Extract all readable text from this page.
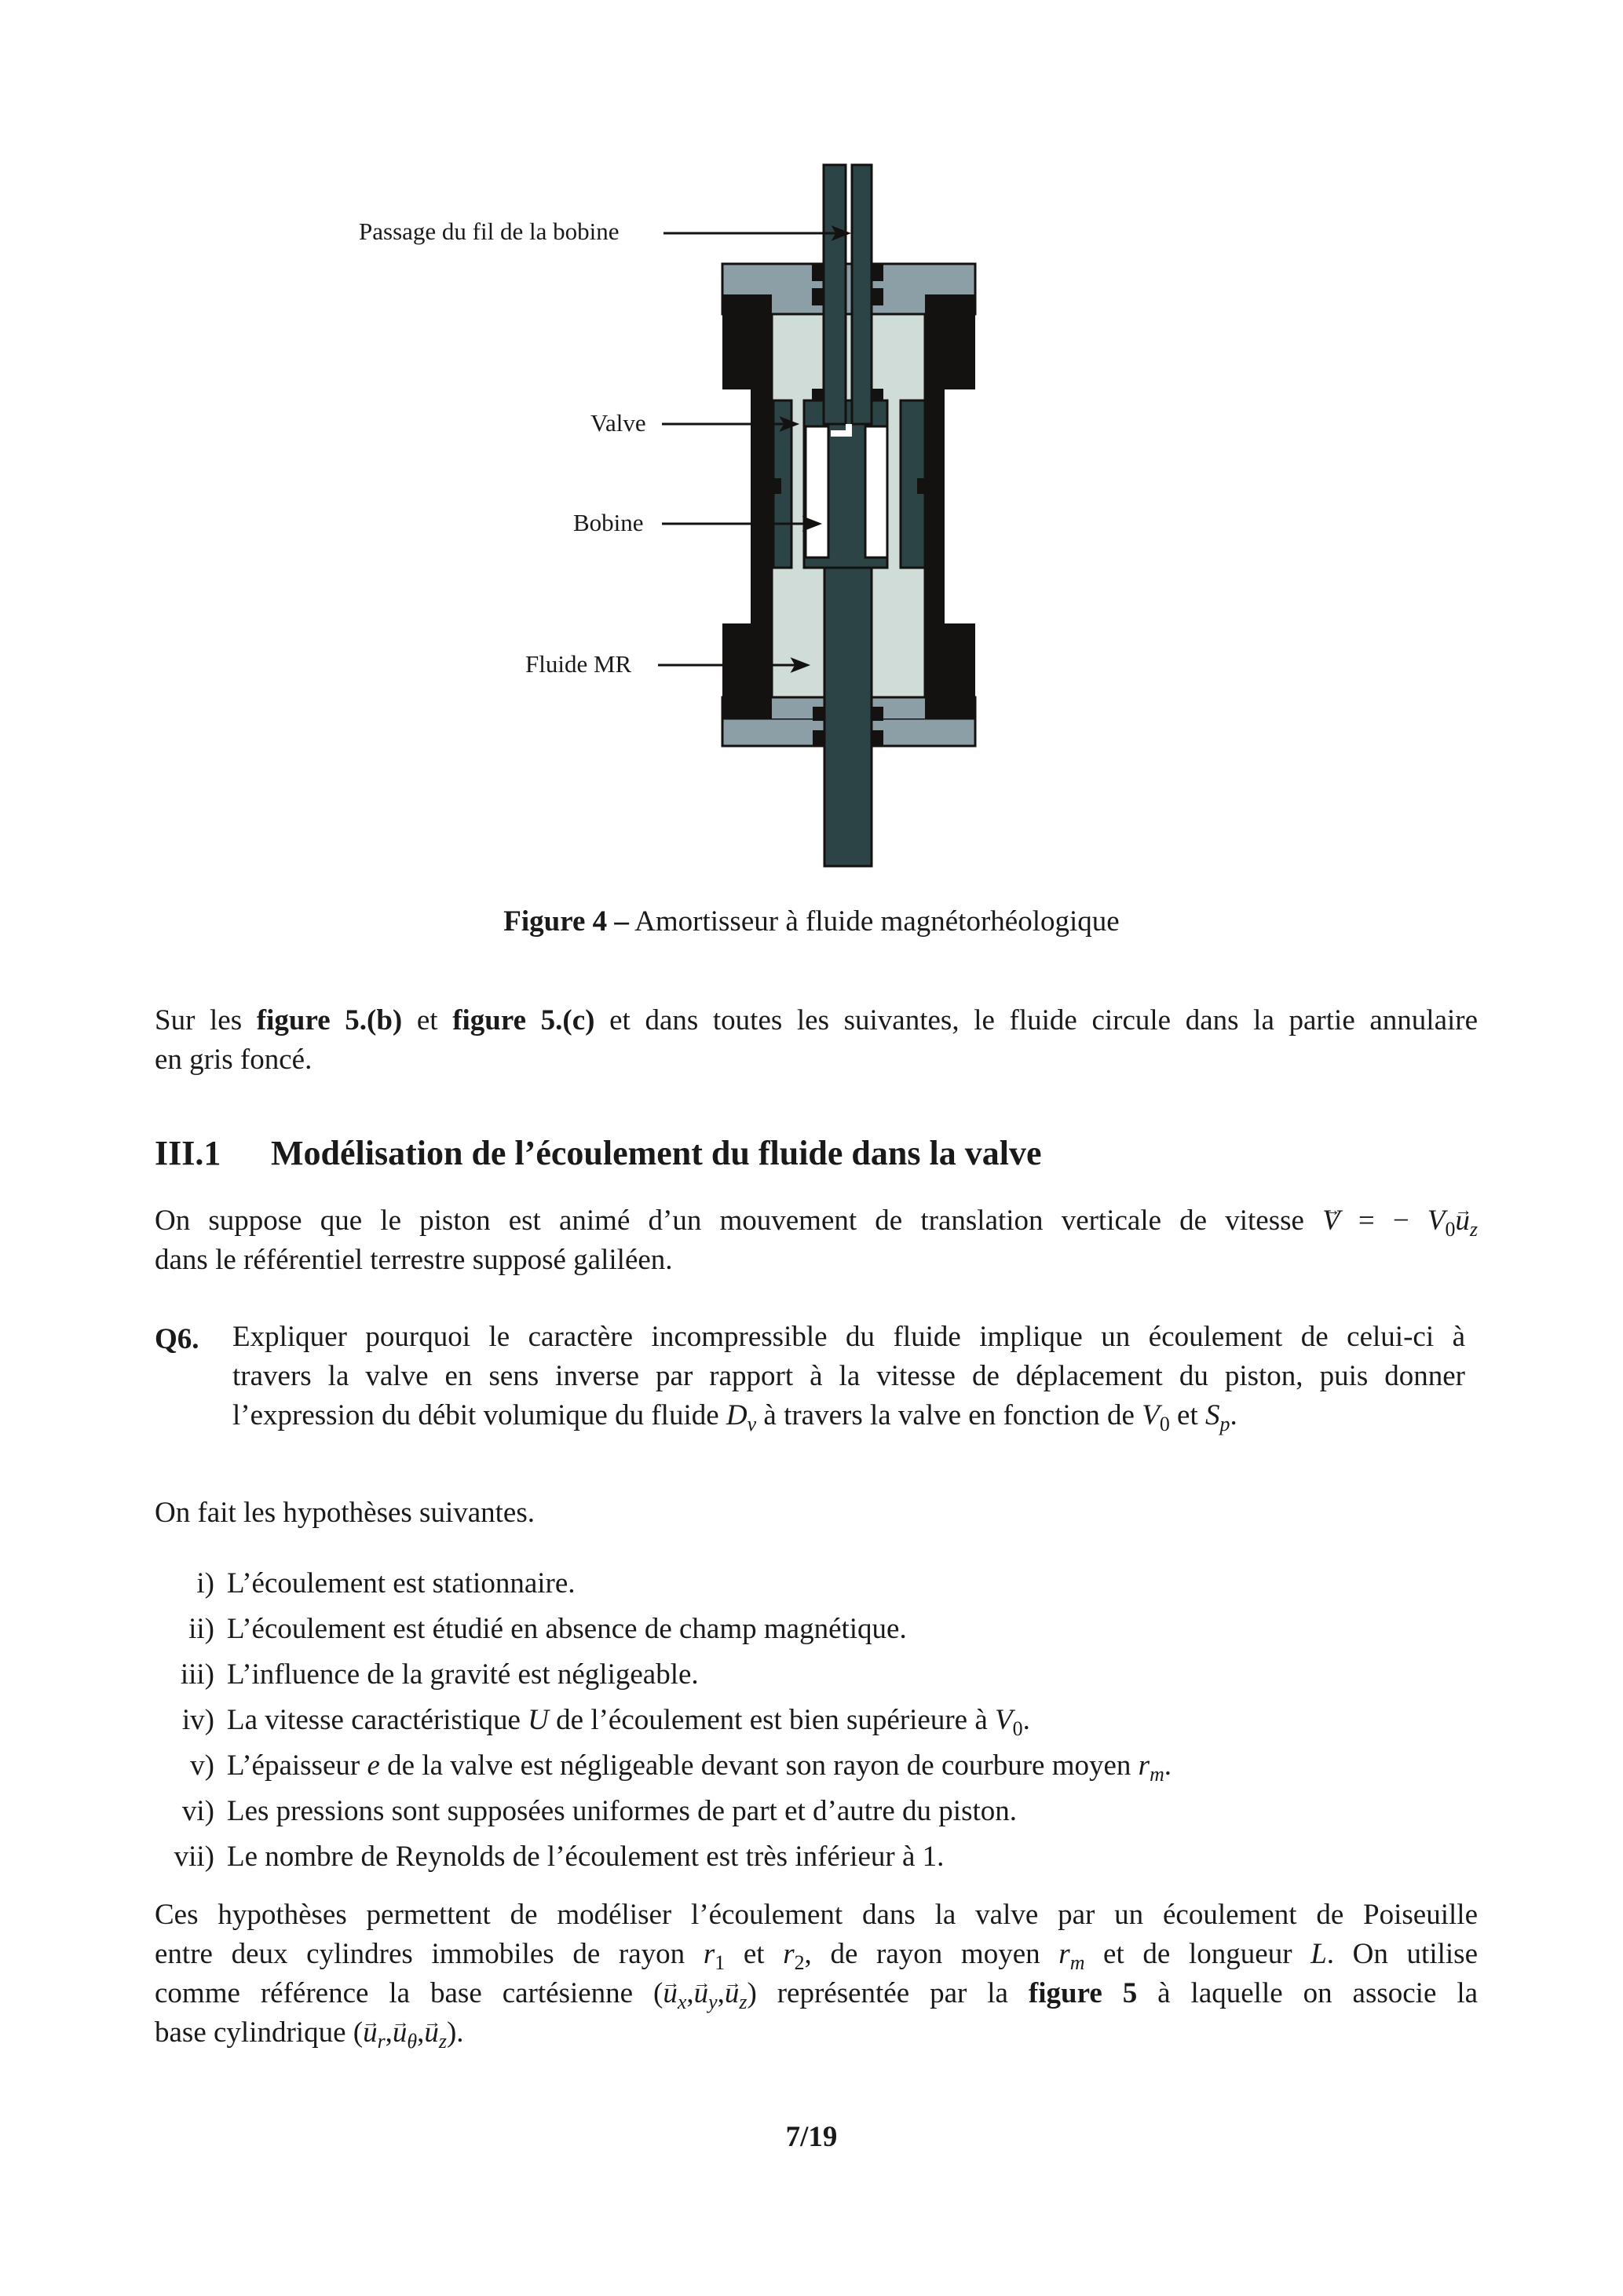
Passage du fil de la bobine
Valve
Bobine
Fluide MR
Figure 4 – Amortisseur à fluide magnétorhéologique
Sur les figure 5.(b) et figure 5.(c) et dans toutes les suivantes, le fluide circule dans la partie annulaire
en gris foncé.
III.1 Modélisation de l’écoulement du fluide dans la valve
On suppose que le piston est animé d’un mouvement de translation verticale de vitesse → V = − $V_0\to u_z$
dans le référentiel terrestre supposé galiléen.
Q6. Expliquer pourquoi le caractère incompressible du fluide implique un écoulement de celui-ci à
travers la valve en sens inverse par rapport à la vitesse de déplacement du piston, puis donner
l’expression du débit volumique du fluide $D_v$ à travers la valve en fonction de $V_0$ et $S_p$.
On fait les hypothèses suivantes.
i) L’écoulement est stationnaire.
ii) L’écoulement est étudié en absence de champ magnétique.
iii) L’influence de la gravité est négligeable.
iv) La vitesse caractéristique U de l’écoulement est bien supérieure à $V_0$.
v) L’épaisseur e de la valve est négligeable devant son rayon de courbure moyen $r_m$.
vi) Les pressions sont supposées uniformes de part et d’autre du piston.
vii) Le nombre de Reynolds de l’écoulement est très inférieur à 1.
Ces hypothèses permettent de modéliser l’écoulement dans la valve par un écoulement de Poiseuille
entre deux cylindres immobiles de rayon $r_1$ et $r_2$, de rayon moyen $r_m$ et de longueur L. On utilise
comme référence la base cartésienne (→ $u_x,\to u_y,\to u_z$) représentée par la figure 5 à laquelle on associe la
base cylindrique (→ $u_r,\to u_\theta,\to u_z$).
7/19
